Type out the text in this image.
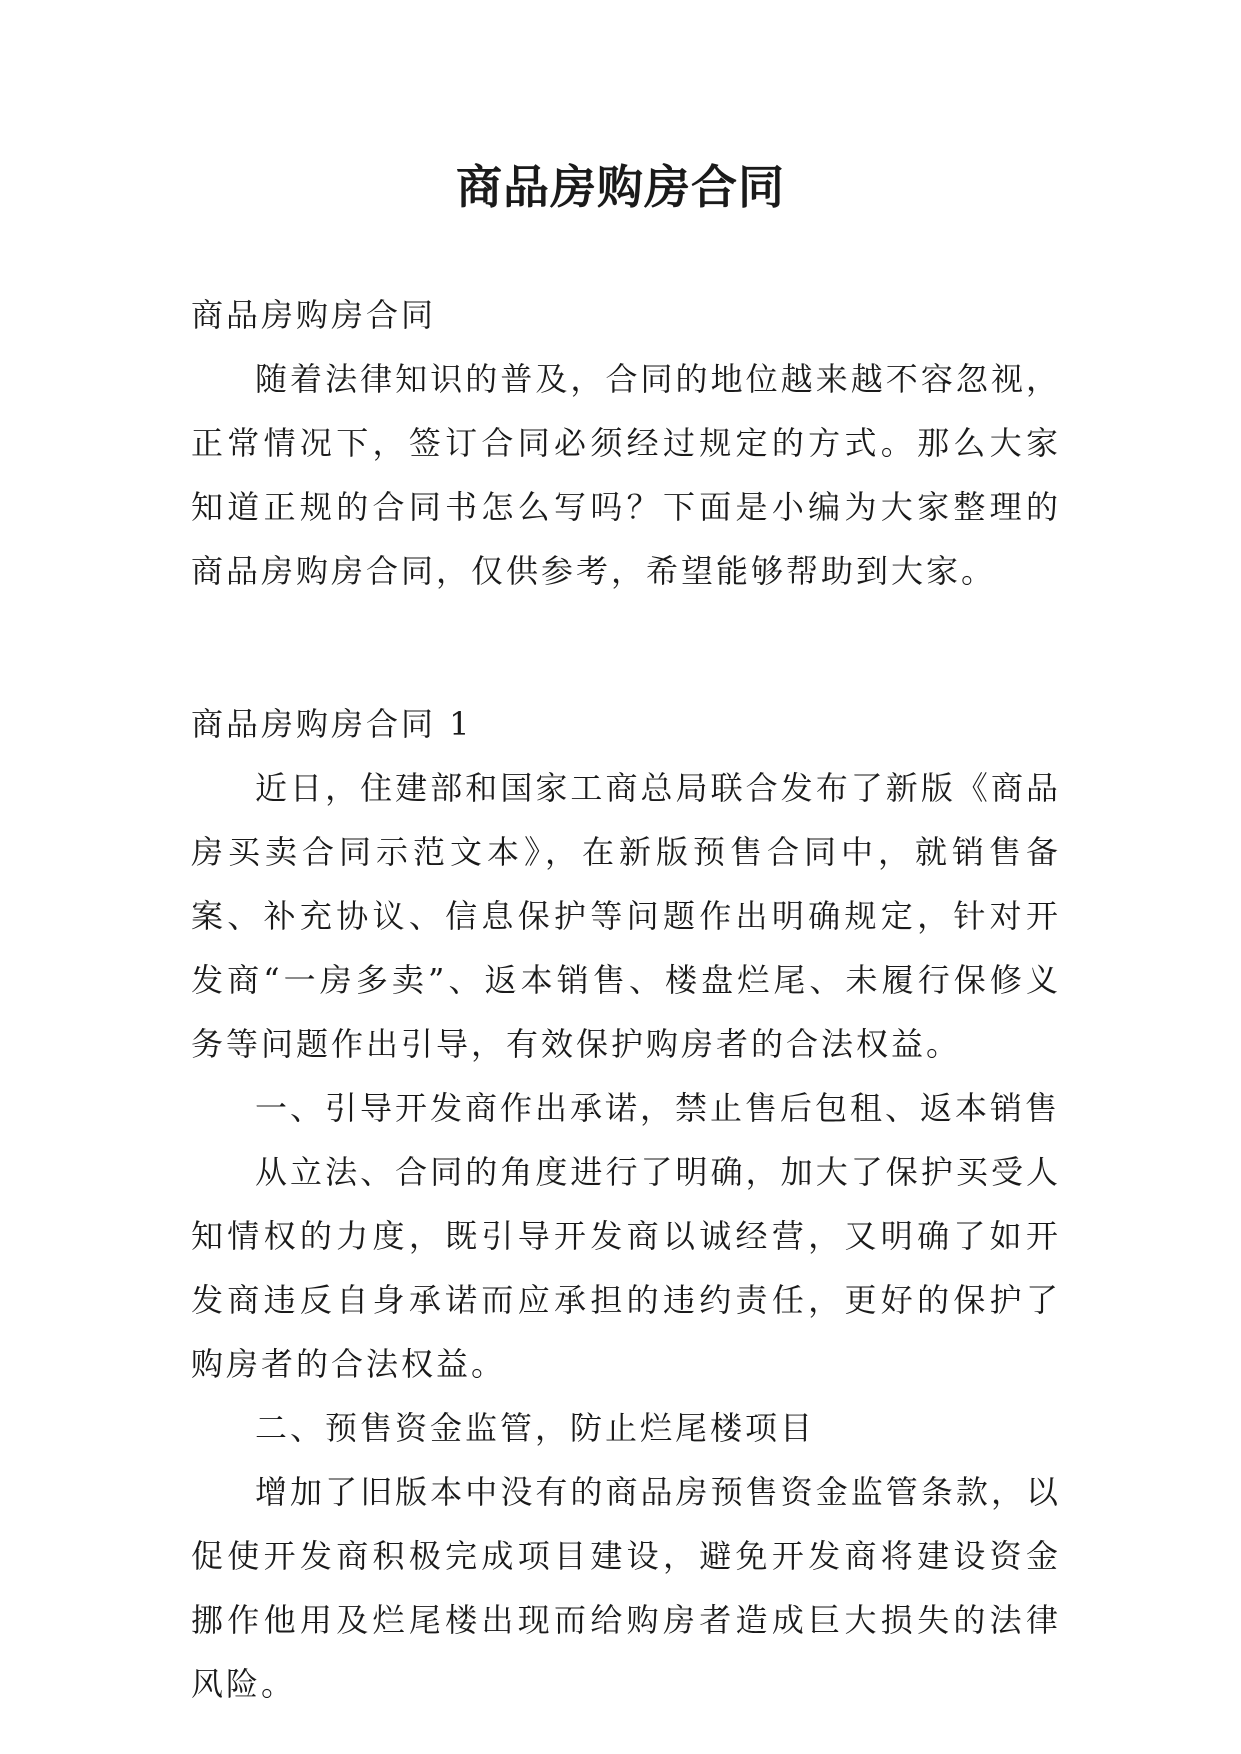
商品房购房合同

商品房购房合同

随着法律知识的普及，合同的地位越来越不容忽视，正常情况下，签订合同必须经过规定的方式。那么大家知道正规的合同书怎么写吗？下面是小编为大家整理的商品房购房合同，仅供参考，希望能够帮助到大家。

商品房购房合同 1

近日，住建部和国家工商总局联合发布了新版《商品房买卖合同示范文本》，在新版预售合同中，就销售备案、补充协议、信息保护等问题作出明确规定，针对开发商“一房多卖”、返本销售、楼盘烂尾、未履行保修义务等问题作出引导，有效保护购房者的合法权益。

一、引导开发商作出承诺，禁止售后包租、返本销售

从立法、合同的角度进行了明确，加大了保护买受人知情权的力度，既引导开发商以诚经营，又明确了如开发商违反自身承诺而应承担的违约责任，更好的保护了购房者的合法权益。

二、预售资金监管，防止烂尾楼项目

增加了旧版本中没有的商品房预售资金监管条款，以促使开发商积极完成项目建设，避免开发商将建设资金挪作他用及烂尾楼出现而给购房者造成巨大损失的法律风险。
